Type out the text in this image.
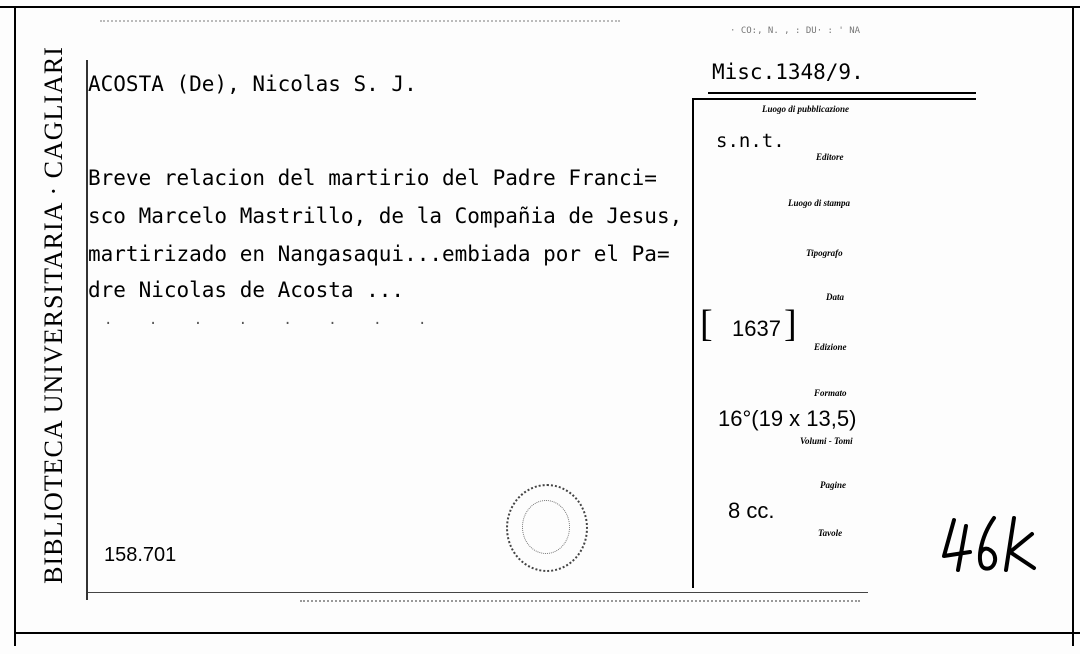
BIBLIOTECA UNIVERSITARIA · CAGLIARI
· CO:, N. , : DU· : ' NA
ACOSTA (De), Nicolas S. J.	Misc.1348/9.
Breve relacion del martirio del Padre Franci=
sco Marcelo Mastrillo, de la Compañia de Jesus,
martirizado en Nangasaqui...embiada por el Pa=
dre Nicolas de Acosta ...
. . . . . . . .
158.701
Luogo di pubblicazione
s.n.t.
Editore
Luogo di stampa
Tipografo
Data
[ 1637 ]
Edizione
Formato
16°(19 x 13,5)
Volumi - Tomi
Pagine
8 cc.
Tavole
